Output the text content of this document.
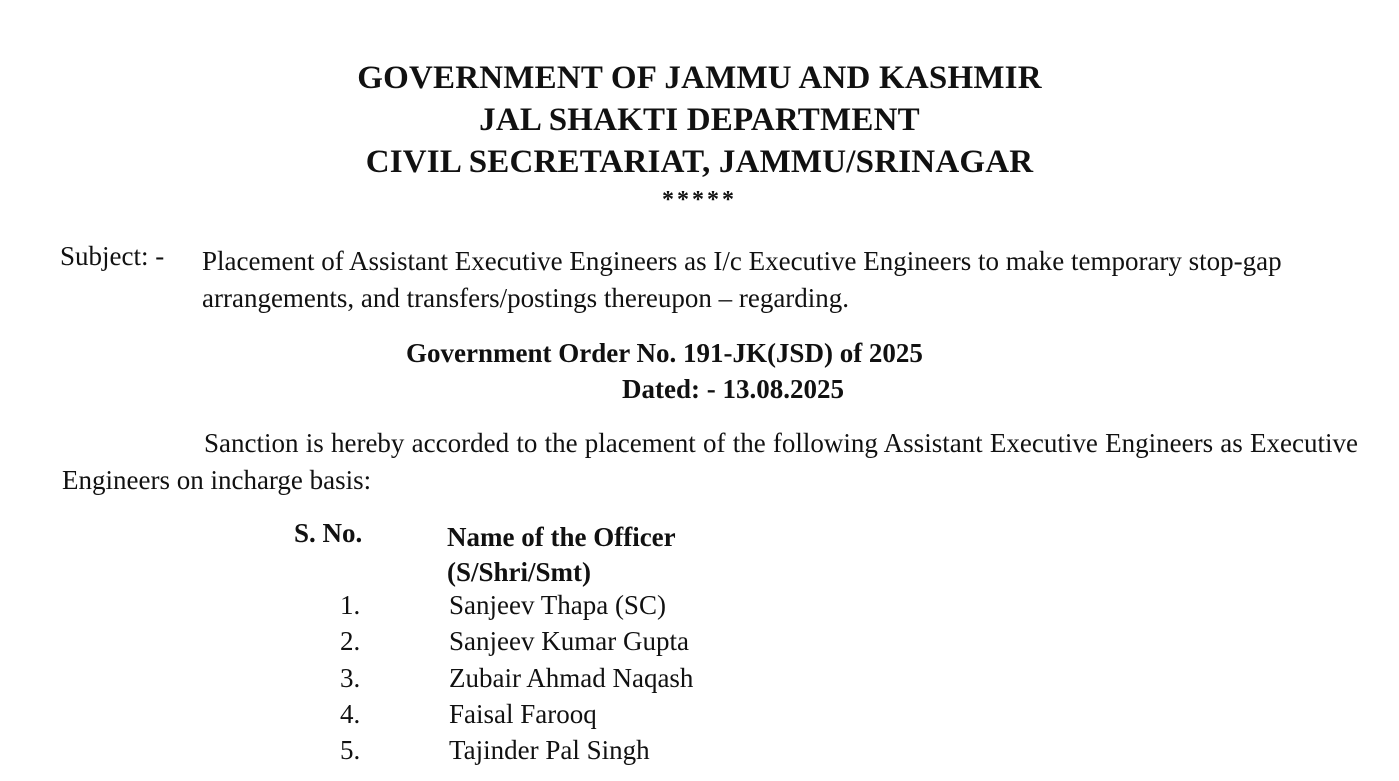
GOVERNMENT OF JAMMU AND KASHMIR
JAL SHAKTI DEPARTMENT
CIVIL SECRETARIAT, JAMMU/SRINAGAR
*****
Subject: - Placement of Assistant Executive Engineers as I/c Executive Engineers to make temporary stop-gap arrangements, and transfers/postings thereupon – regarding.
Government Order No. 191-JK(JSD) of 2025
Dated: - 13.08.2025
Sanction is hereby accorded to the placement of the following Assistant Executive Engineers as Executive Engineers on incharge basis:
S. No.	Name of the Officer
(S/Shri/Smt)
1.	Sanjeev Thapa (SC)
2.	Sanjeev Kumar Gupta
3.	Zubair Ahmad Naqash
4.	Faisal Farooq
5.	Tajinder Pal Singh
